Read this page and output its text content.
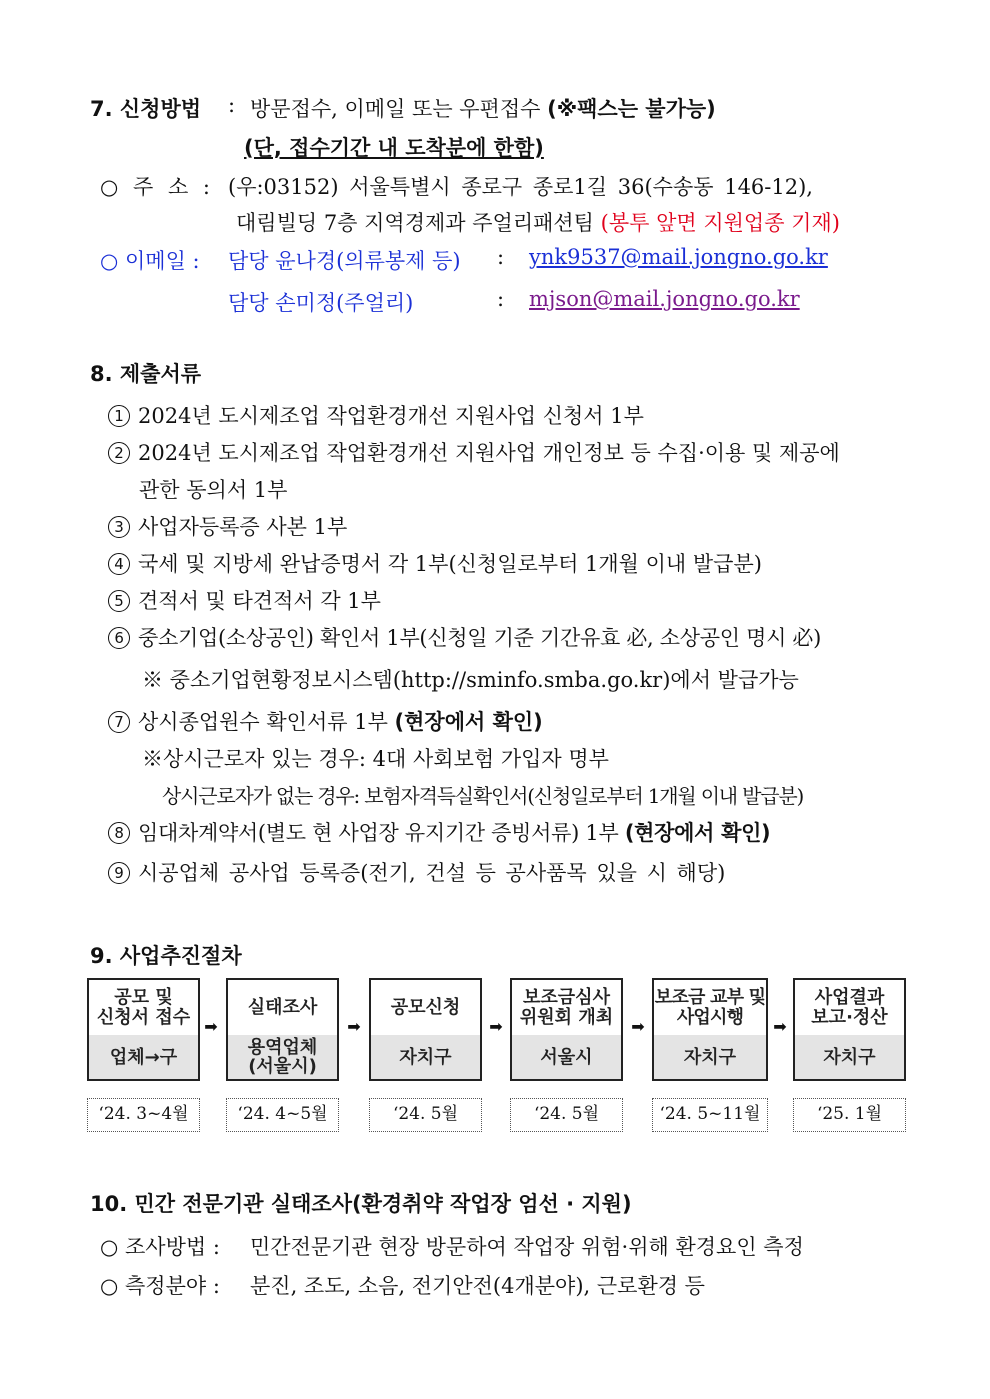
7. 신청방법 : 방문접수, 이메일 또는 우편접수 (※팩스는 불가능)
(단, 접수기간 내 도착분에 한함)
○ 주 소 : (우:03152) 서울특별시 종로구 종로1길 36(수송동 146-12),
대림빌딩 7층 지역경제과 주얼리패션팀 (봉투 앞면 지원업종 기재)
○ 이메일 : 담당 윤나경(의류봉제 등) : ynk9537@mail.jongno.go.kr
담당 손미정(주얼리)	: mjson@mail.jongno.go.kr
8. 제출서류
1 2024년 도시제조업 작업환경개선 지원사업 신청서 1부
2 2024년 도시제조업 작업환경개선 지원사업 개인정보 등 수집·이용 및 제공에
관한 동의서 1부
3 사업자등록증 사본 1부
4 국세 및 지방세 완납증명서 각 1부(신청일로부터 1개월 이내 발급분)
5 견적서 및 타견적서 각 1부
6 중소기업(소상공인) 확인서 1부(신청일 기준 기간유효 必, 소상공인 명시 必)
※ 중소기업현황정보시스템(http://sminfo.smba.go.kr)에서 발급가능
7 상시종업원수 확인서류 1부 (현장에서 확인)
※상시근로자 있는 경우: 4대 사회보험 가입자 명부
상시근로자가 없는 경우: 보험자격득실확인서(신청일로부터 1개월 이내 발급분)
8 임대차계약서(별도 현 사업장 유지기간 증빙서류) 1부 (현장에서 확인)
9 시공업체 공사업 등록증(전기, 건설 등 공사품목 있을 시 해당)
9. 사업추진절차
공모 및
신청서 접수
업체→구
➡
실태조사
용역업체
(서울시)
➡
공모신청
자치구
➡
보조금심사
위원회 개최
서울시
➡
보조금 교부 및
사업시행
자치구
➡
사업결과
보고·정산
자치구
‘24. 3~4월	‘24. 4~5월	‘24. 5월	‘24. 5월	‘24. 5~11월	‘25. 1월
10. 민간 전문기관 실태조사(환경취약 작업장 엄선 · 지원)
○ 조사방법 : 민간전문기관 현장 방문하여 작업장 위험·위해 환경요인 측정
○ 측정분야 : 분진, 조도, 소음, 전기안전(4개분야), 근로환경 등
